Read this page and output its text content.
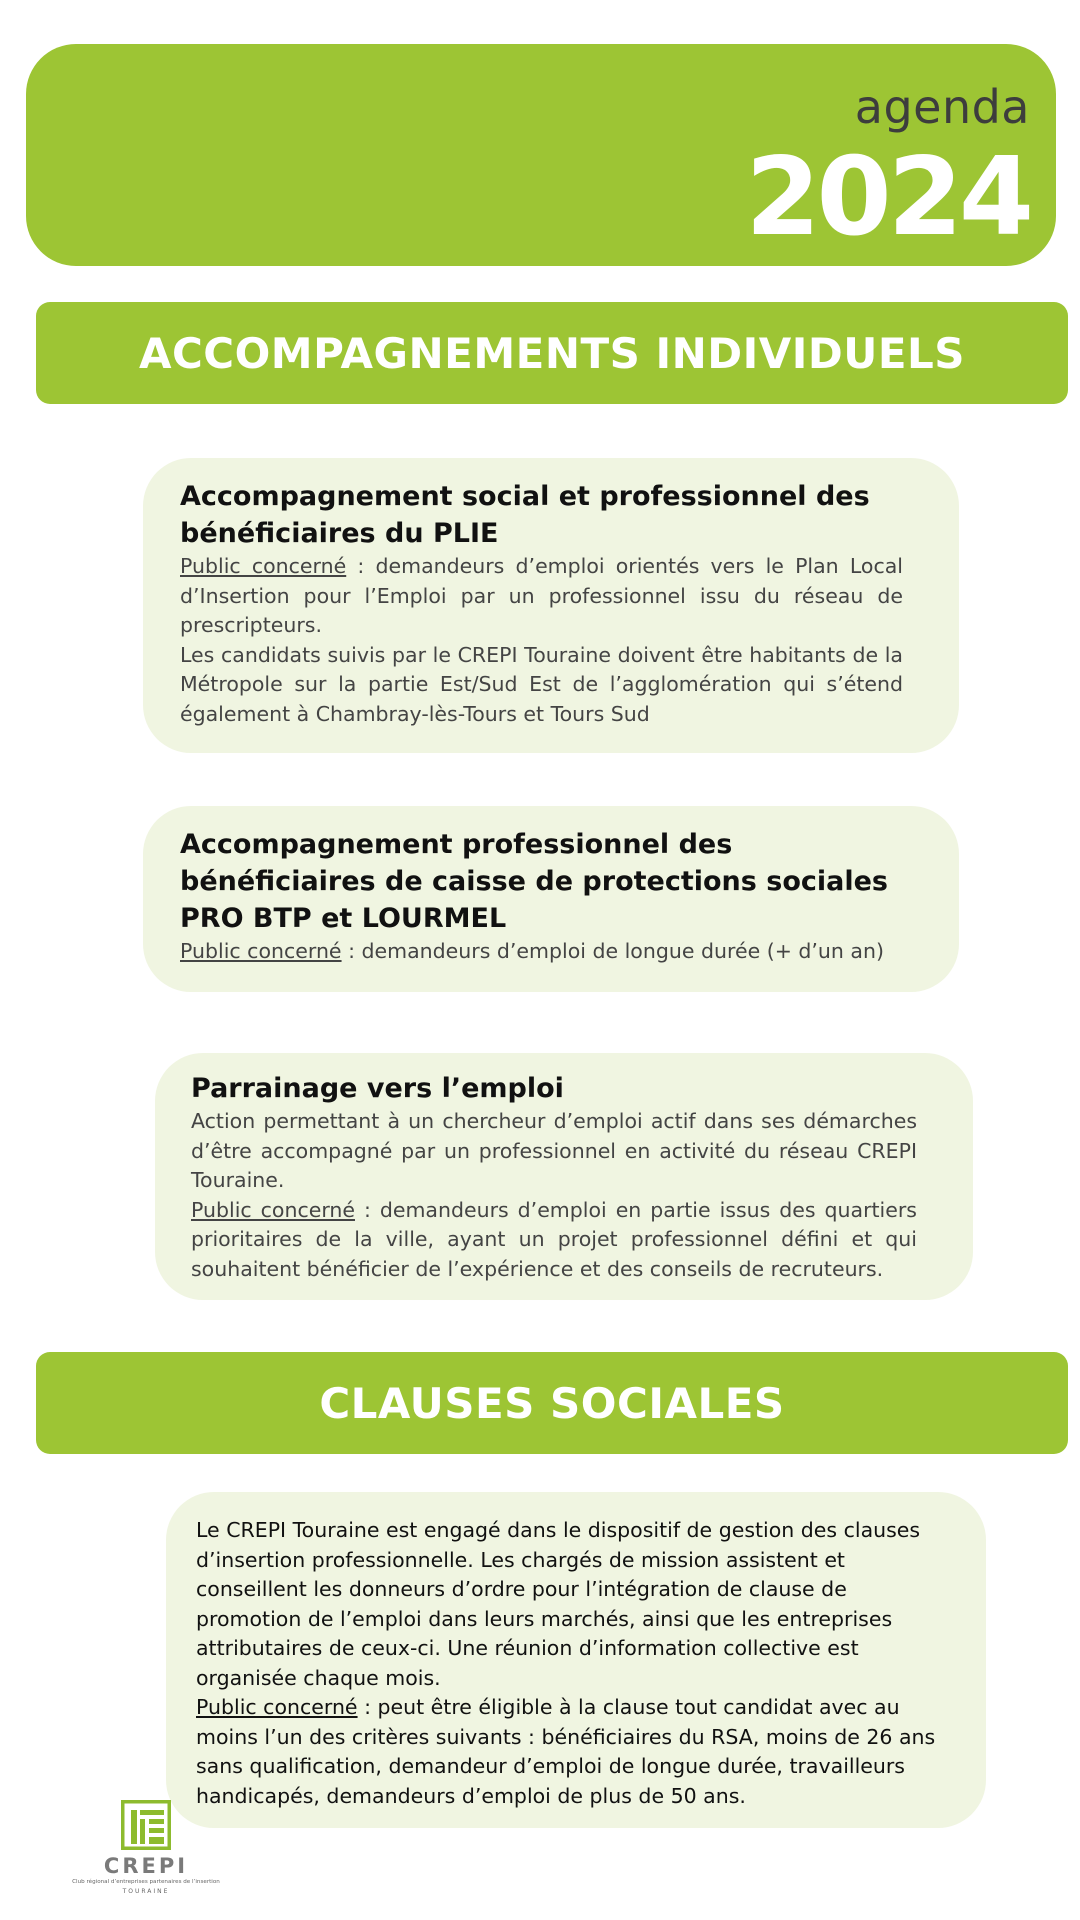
agenda
2024
ACCOMPAGNEMENTS INDIVIDUELS
Accompagnement social et professionnel des bénéficiaires du PLIE

Public concerné : demandeurs d’emploi orientés vers le Plan Local d’Insertion pour l’Emploi par un professionnel issu du réseau de prescripteurs.

Les candidats suivis par le CREPI Touraine doivent être habitants de la Métropole sur la partie Est/Sud Est de l’agglomération qui s’étend également à Chambray-lès-Tours et Tours Sud

Accompagnement professionnel des bénéficiaires de caisse de protections sociales PRO BTP et LOURMEL

Public concerné : demandeurs d’emploi de longue durée (+ d’un an)

Parrainage vers l’emploi

Action permettant à un chercheur d’emploi actif dans ses démarches d’être accompagné par un professionnel en activité du réseau CREPI Touraine.

Public concerné : demandeurs d’emploi en partie issus des quartiers prioritaires de la ville, ayant un projet professionnel défini et qui souhaitent bénéficier de l’expérience et des conseils de recruteurs.

CLAUSES SOCIALES

Le CREPI Touraine est engagé dans le dispositif de gestion des clauses d’insertion professionnelle. Les chargés de mission assistent et conseillent les donneurs d’ordre pour l’intégration de clause de promotion de l’emploi dans leurs marchés, ainsi que les entreprises attributaires de ceux-ci. Une réunion d’information collective est organisée chaque mois.

Public concerné : peut être éligible à la clause tout candidat avec au moins l’un des critères suivants : bénéficiaires du RSA, moins de 26 ans sans qualification, demandeur d’emploi de longue durée, travailleurs handicapés, demandeurs d’emploi de plus de 50 ans.

CREPI
Club régional d’entreprises partenaires de l’insertion
TOURAINE
